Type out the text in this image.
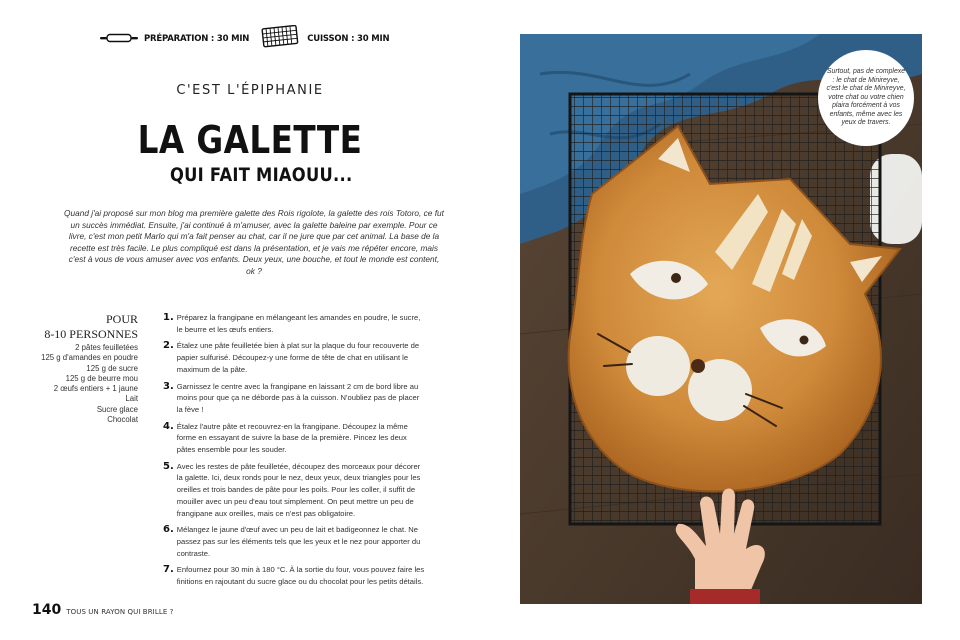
PRÉPARATION : 30 MIN	CUISSON : 30 MIN
C'EST L'ÉPIPHANIE
LA GALETTE
QUI FAIT MIAOUU...

Quand j'ai proposé sur mon blog ma première galette des Rois rigolote, la galette des rois Totoro, ce fut un succès immédiat. Ensuite, j'ai continué à m'amuser, avec la galette baleine par exemple. Pour ce livre, c'est mon petit Marlo qui m'a fait penser au chat, car il ne jure que par cet animal. La base de la recette est très facile. Le plus compliqué est dans la présentation, et je vais me répéter encore, mais c'est à vous de vous amuser avec vos enfants. Deux yeux, une bouche, et tout le monde est content, ok ?

POUR
8-10 PERSONNES
2 pâtes feuilletées
125 g d'amandes en poudre
125 g de sucre
125 g de beurre mou
2 œufs entiers + 1 jaune
Lait
Sucre glace
Chocolat
1. Préparez la frangipane en mélangeant les amandes en poudre, le sucre, le beurre et les œufs entiers.
2. Étalez une pâte feuilletée bien à plat sur la plaque du four recouverte de papier sulfurisé. Découpez-y une forme de tête de chat en utilisant le maximum de la pâte.
3. Garnissez le centre avec la frangipane en laissant 2 cm de bord libre au moins pour que ça ne déborde pas à la cuisson. N'oubliez pas de placer la fève !
4. Étalez l'autre pâte et recouvrez-en la frangipane. Découpez la même forme en essayant de suivre la base de la première. Pincez les deux pâtes ensemble pour les souder.
5. Avec les restes de pâte feuilletée, découpez des morceaux pour décorer la galette. Ici, deux ronds pour le nez, deux yeux, deux triangles pour les oreilles et trois bandes de pâte pour les poils. Pour les coller, il suffit de mouiller avec un peu d'eau tout simplement. On peut mettre un peu de frangipane aux oreilles, mais ce n'est pas obligatoire.
6. Mélangez le jaune d'œuf avec un peu de lait et badigeonnez le chat. Ne passez pas sur les éléments tels que les yeux et le nez pour apporter du contraste.
7. Enfournez pour 30 min à 180 °C. À la sortie du four, vous pouvez faire les finitions en rajoutant du sucre glace ou du chocolat pour les petits détails.
140 TOUS UN RAYON QUI BRILLE ?

Surtout, pas de complexe : le chat de Minireyve, c'est le chat de Minireyve, votre chat ou votre chien plaira forcément à vos enfants, même avec les yeux de travers.
